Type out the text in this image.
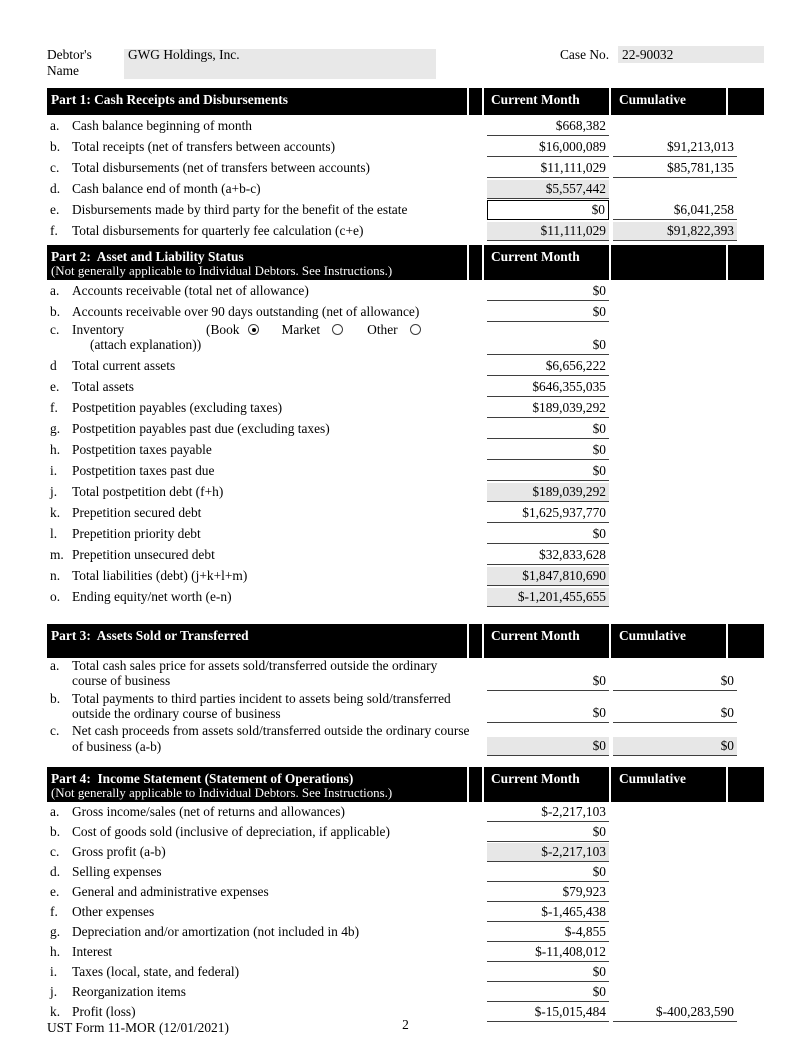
Debtor's Name
GWG Holdings, Inc.	Case No. 22-90032
Part 1: Cash Receipts and Disbursements	Current Month	Cumulative
a. Cash balance beginning of month	$668,382
b. Total receipts (net of transfers between accounts)	$16,000,089	$91,213,013
c. Total disbursements (net of transfers between accounts)	$11,111,029	$85,781,135
d. Cash balance end of month (a+b-c)	$5,557,442
e. Disbursements made by third party for the benefit of the estate	$0	$6,041,258
f.	Total disbursements for quarterly fee calculation (c+e)	$11,111,029	$91,822,393
Part 2:  Asset and Liability Status
(Not generally applicable to Individual Debtors. See Instructions.)
Current Month
a. Accounts receivable (total net of allowance)	$0
b. Accounts receivable over 90 days outstanding (net of allowance)	$0
c. Inventory	(Book	Market	Other(attach explanation))	$0
d	Total current assets	$6,656,222
e. Total assets	$646,355,035
f.	Postpetition payables (excluding taxes)	$189,039,292
g. Postpetition payables past due (excluding taxes)	$0
h. Postpetition taxes payable	$0
i.	Postpetition taxes past due	$0
j.	Total postpetition debt (f+h)	$189,039,292
k. Prepetition secured debt	$1,625,937,770
l.	Prepetition priority debt	$0
m. Prepetition unsecured debt	$32,833,628
n. Total liabilities (debt) (j+k+l+m)	$1,847,810,690
o. Ending equity/net worth (e-n)	$-1,201,455,655
Part 3:  Assets Sold or Transferred	Current Month	Cumulative
a. Total cash sales price for assets sold/transferred outside the ordinary course of business	$0	$0
b. Total payments to third parties incident to assets being sold/transferred outside the ordinary course of business	$0	$0
c. Net cash proceeds from assets sold/transferred outside the ordinary course of business (a-b)	$0	$0
Part 4:  Income Statement (Statement of Operations)
(Not generally applicable to Individual Debtors. See Instructions.)
Current Month	Cumulative
a. Gross income/sales (net of returns and allowances)	$-2,217,103
b. Cost of goods sold (inclusive of depreciation, if applicable)	$0
c. Gross profit (a-b)	$-2,217,103
d. Selling expenses	$0
e. General and administrative expenses	$79,923
f.	Other expenses	$-1,465,438
g. Depreciation and/or amortization (not included in 4b)	$-4,855
h. Interest	$-11,408,012
i.	Taxes (local, state, and federal)	$0
j.	Reorganization items	$0
k. Profit (loss)	$-15,015,484	$-400,283,590
UST Form 11-MOR (12/01/2021)	2
